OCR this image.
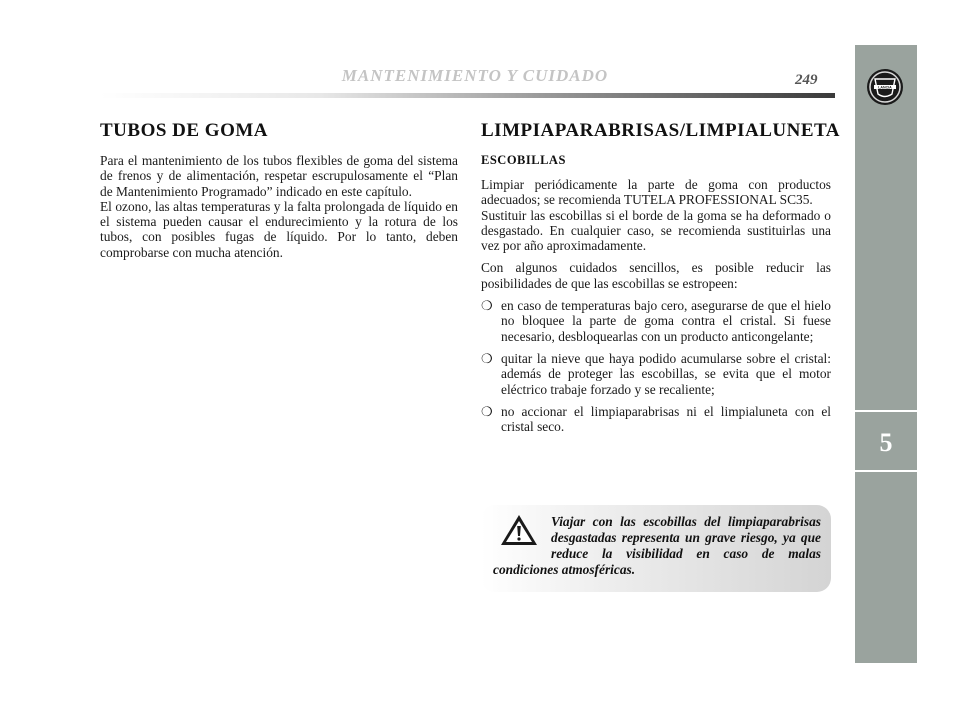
MANTENIMIENTO Y CUIDADO	249	LANCIA
5
TUBOS DE GOMA

Para el mantenimiento de los tubos flexibles de goma del sistema de frenos y de alimentación, respetar escrupulosamente el “Plan de Mantenimiento Programado” indicado en este capítulo.

El ozono, las altas temperaturas y la falta prolongada de líquido en el sistema pueden causar el endurecimiento y la rotura de los tubos, con posibles fugas de líquido. Por lo tanto, deben comprobarse con mucha atención.

LIMPIAPARABRISAS/LIMPIALUNETA
ESCOBILLAS

Limpiar periódicamente la parte de goma con productos adecuados; se recomienda TUTELA PROFESSIONAL SC35.

Sustituir las escobillas si el borde de la goma se ha deformado o desgastado. En cualquier caso, se recomienda sustituirlas una vez por año aproximadamente.

Con algunos cuidados sencillos, es posible reducir las posibilidades de que las escobillas se estropeen:

❍ en caso de temperaturas bajo cero, asegurarse de que el hielo no bloquee la parte de goma contra el cristal. Si fuese necesario, desbloquearlas con un producto anticongelante;
❍ quitar la nieve que haya podido acumularse sobre el cristal: además de proteger las escobillas, se evita que el motor eléctrico trabaje forzado y se recaliente;
❍ no accionar el limpiaparabrisas ni el limpialuneta con el cristal seco.
Viajar con las escobillas del limpiaparabrisas desgastadas representa un grave riesgo, ya que reduce la visibilidad en caso de malas condiciones atmosféricas.
